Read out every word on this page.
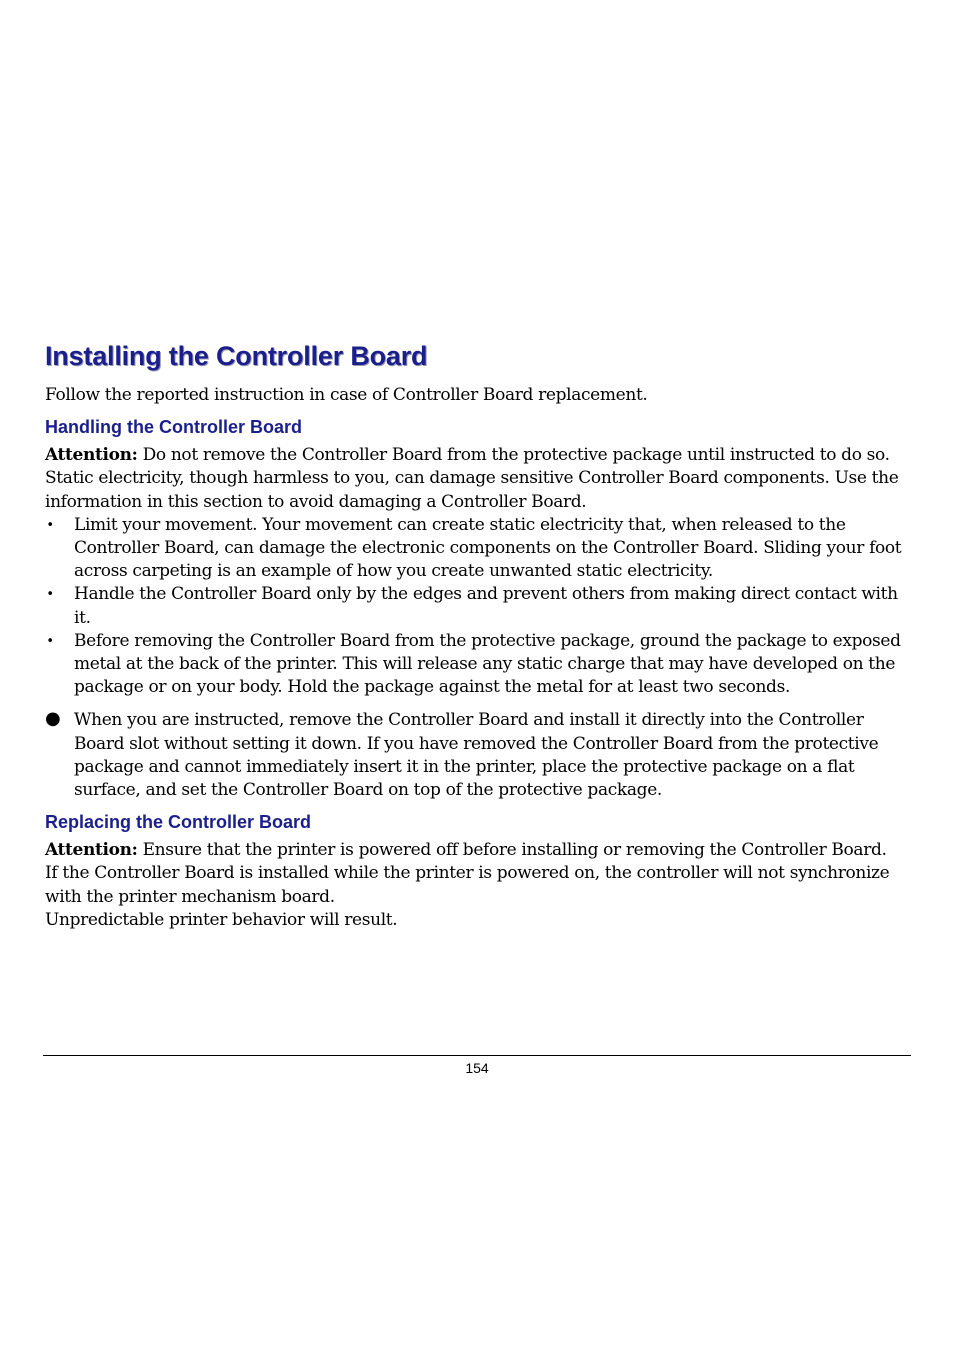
Installing the Controller Board

Follow the reported instruction in case of Controller Board replacement.

Handling the Controller Board

Attention: Do not remove the Controller Board from the protective package until instructed to do so. Static electricity, though harmless to you, can damage sensitive Controller Board components. Use the information in this section to avoid damaging a Controller Board.

• Limit your movement. Your movement can create static electricity that, when released to the Controller Board, can damage the electronic components on the Controller Board. Sliding your foot across carpeting is an example of how you create unwanted static electricity.
• Handle the Controller Board only by the edges and prevent others from making direct contact with it.
• Before removing the Controller Board from the protective package, ground the package to exposed metal at the back of the printer. This will release any static charge that may have developed on the package or on your body. Hold the package against the metal for at least two seconds.
● When you are instructed, remove the Controller Board and install it directly into the Controller Board slot without setting it down. If you have removed the Controller Board from the protective package and cannot immediately insert it in the printer, place the protective package on a flat surface, and set the Controller Board on top of the protective package.
Replacing the Controller Board

Attention: Ensure that the printer is powered off before installing or removing the Controller Board.

If the Controller Board is installed while the printer is powered on, the controller will not synchronize with the printer mechanism board.

Unpredictable printer behavior will result.

154
